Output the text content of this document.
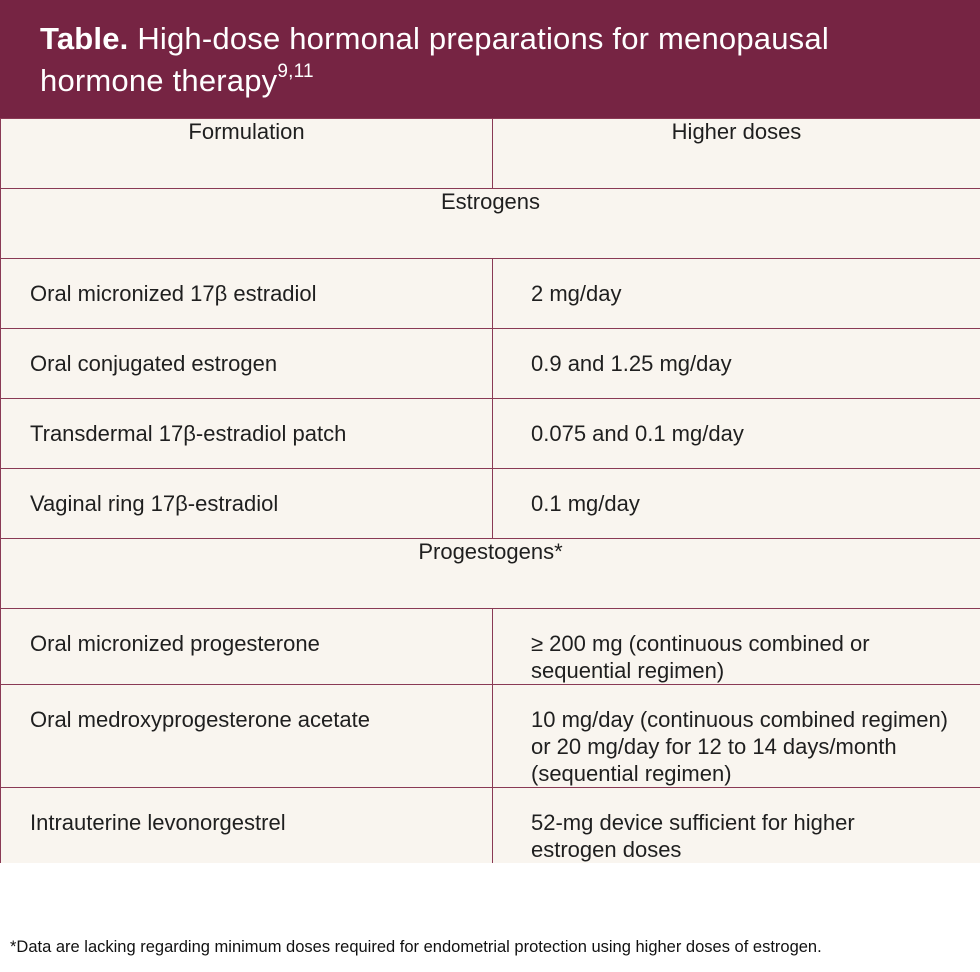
Table. High-dose hormonal preparations for menopausal
hormone therapy$^{9,11}$
Formulation	Higher doses
Estrogens	
Oral micronized 17β estradiol	2 mg/day

Oral conjugated estrogen	0.9 and 1.25 mg/day

Transdermal 17β-estradiol patch	0.075 and 0.1 mg/day

Vaginal ring 17β-estradiol	0.1 mg/day

Progestogens*	
Oral micronized progesterone	≥ 200 mg (continuous combined or
sequential regimen)

Oral medroxyprogesterone acetate	10 mg/day (continuous combined regimen)
or 20 mg/day for 12 to 14 days/month
(sequential regimen)

Intrauterine levonorgestrel	52-mg device sufficient for higher
estrogen doses
*Data are lacking regarding minimum doses required for endometrial protection using higher doses of estrogen.
